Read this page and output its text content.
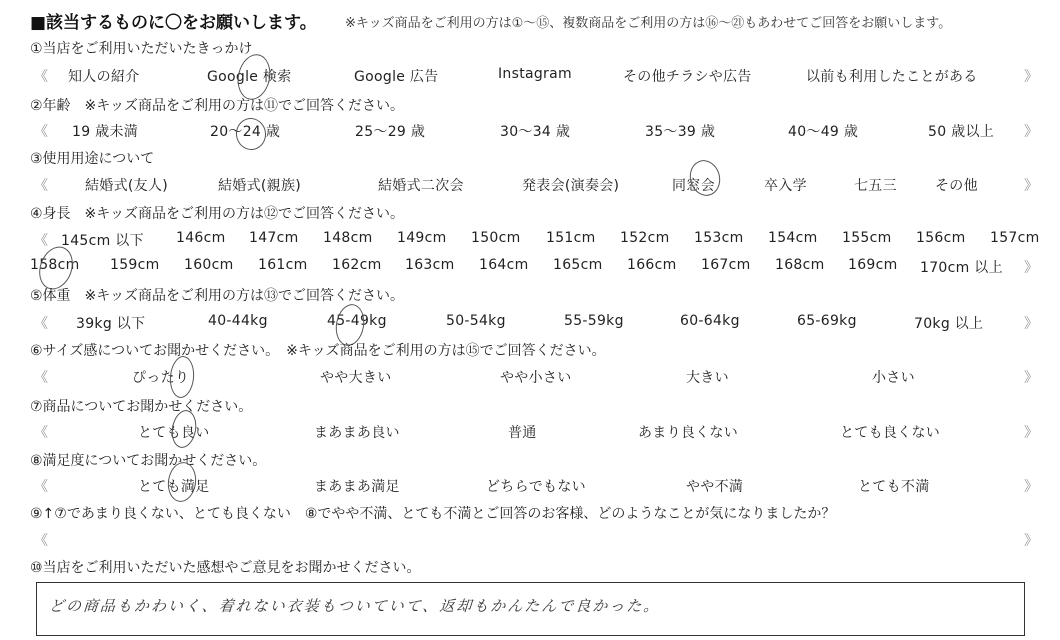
■該当するものに〇をお願いします。 ※キッズ商品をご利用の方は①〜⑮、複数商品をご利用の方は⑯〜㉑もあわせてご回答をお願いします。
①当店をご利用いただいたきっかけ
《 知人の紹介	Google 検索	Google 広告	Instagram	その他チラシや広告	以前も利用したことがある	》
②年齢　※キッズ商品をご利用の方は⑪でご回答ください。
《 19 歳未満	20〜24 歳	25〜29 歳	30〜34 歳	35〜39 歳	40〜49 歳	50 歳以上 》
③使用用途について
《	結婚式(友人)	結婚式(親族)	結婚式二次会	発表会(演奏会)	同窓会	卒入学	七五三	その他	》
④身長　※キッズ商品をご利用の方は⑫でご回答ください。
《 145cm 以下 146cm 147cm 148cm 149cm 150cm 151cm 152cm 153cm 154cm 155cm 156cm 157cm
158cm 159cm 160cm 161cm 162cm 163cm 164cm 165cm 166cm 167cm 168cm 169cm 170cm 以上 》
⑤体重　※キッズ商品をご利用の方は⑬でご回答ください。
《 39kg 以下	40-44kg	45-49kg	50-54kg	55-59kg	60-64kg	65-69kg	70kg 以上	》
⑥サイズ感についてお聞かせください。　※キッズ商品をご利用の方は⑮でご回答ください。
《	ぴったり	やや大きい	やや小さい	大きい	小さい	》
⑦商品についてお聞かせください。
《	とても良い	まあまあ良い	普通	あまり良くない	とても良くない	》
⑧満足度についてお聞かせください。
《	とても満足	まあまあ満足	どちらでもない	やや不満	とても不満	》
⑨↑⑦であまり良くない、とても良くない　⑧でやや不満、とても不満とご回答のお客様、どのようなことが気になりましたか？
《	》
⑩当店をご利用いただいた感想やご意見をお聞かせください。
どの商品もかわいく、着れない衣装もついていて、返却もかんたんで良かった。
